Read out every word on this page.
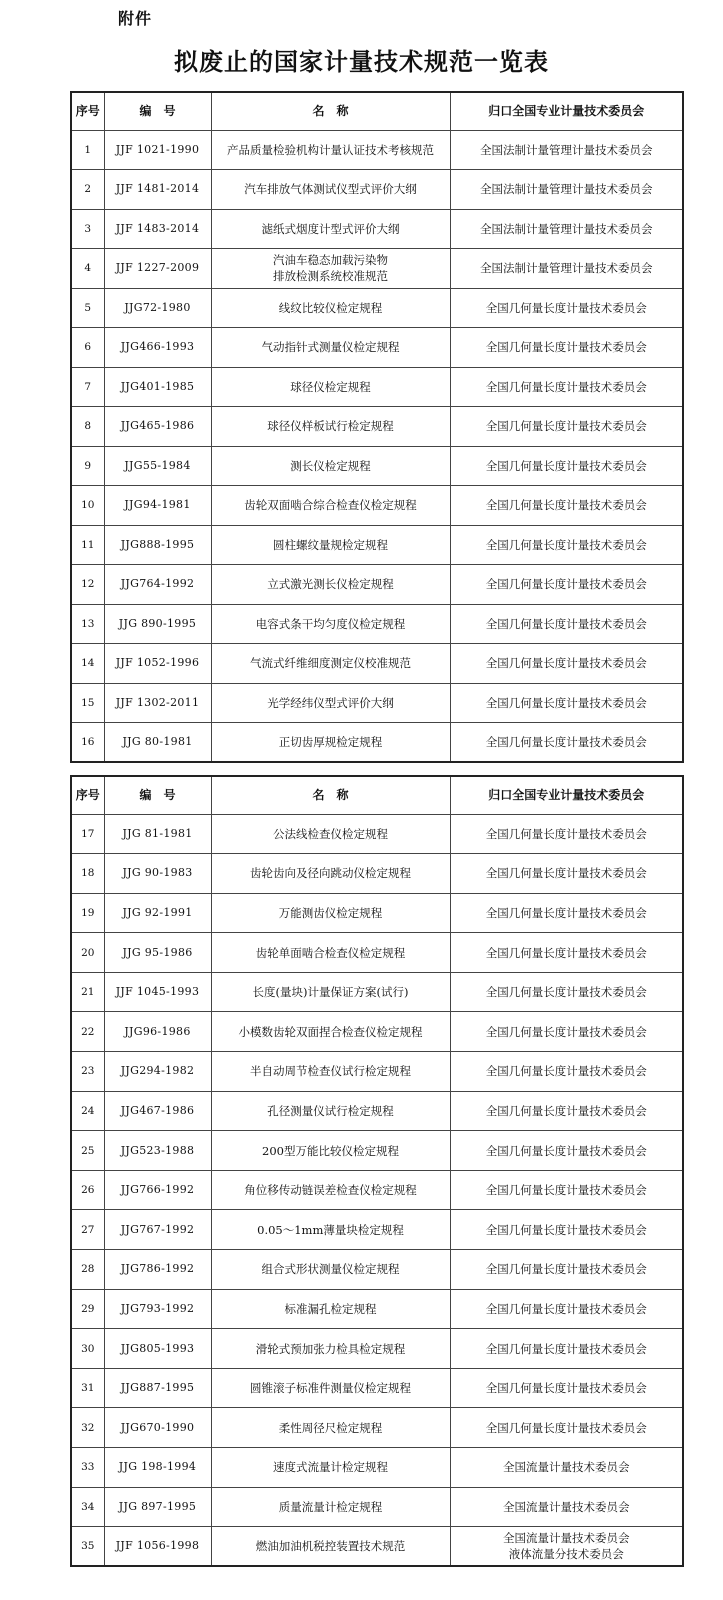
附件
拟废止的国家计量技术规范一览表
序号	编　号	名　称	归口全国专业计量技术委员会
1	JJF 1021-1990	产品质量检验机构计量认证技术考核规范	全国法制计量管理计量技术委员会

2	JJF 1481-2014	汽车排放气体测试仪型式评价大纲	全国法制计量管理计量技术委员会

3	JJF 1483-2014	滤纸式烟度计型式评价大纲	全国法制计量管理计量技术委员会

4	JJF 1227-2009	汽油车稳态加载污染物
排放检测系统校准规范	全国法制计量管理计量技术委员会

5	JJG72-1980	线纹比较仪检定规程	全国几何量长度计量技术委员会

6	JJG466-1993	气动指针式测量仪检定规程	全国几何量长度计量技术委员会

7	JJG401-1985	球径仪检定规程	全国几何量长度计量技术委员会

8	JJG465-1986	球径仪样板试行检定规程	全国几何量长度计量技术委员会

9	JJG55-1984	测长仪检定规程	全国几何量长度计量技术委员会

10	JJG94-1981	齿轮双面啮合综合检查仪检定规程	全国几何量长度计量技术委员会

11	JJG888-1995	圆柱螺纹量规检定规程	全国几何量长度计量技术委员会

12	JJG764-1992	立式激光测长仪检定规程	全国几何量长度计量技术委员会

13	JJG 890-1995	电容式条干均匀度仪检定规程	全国几何量长度计量技术委员会

14	JJF 1052-1996	气流式纤维细度测定仪校准规范	全国几何量长度计量技术委员会

15	JJF 1302-2011	光学经纬仪型式评价大纲	全国几何量长度计量技术委员会

16	JJG 80-1981	正切齿厚规检定规程	全国几何量长度计量技术委员会
序号	编　号	名　称	归口全国专业计量技术委员会
17	JJG 81-1981	公法线检查仪检定规程	全国几何量长度计量技术委员会

18	JJG 90-1983	齿轮齿向及径向跳动仪检定规程	全国几何量长度计量技术委员会

19	JJG 92-1991	万能测齿仪检定规程	全国几何量长度计量技术委员会

20	JJG 95-1986	齿轮单面啮合检查仪检定规程	全国几何量长度计量技术委员会

21	JJF 1045-1993	长度(量块)计量保证方案(试行)	全国几何量长度计量技术委员会

22	JJG96-1986	小模数齿轮双面捏合检查仪检定规程	全国几何量长度计量技术委员会

23	JJG294-1982	半自动周节检查仪试行检定规程	全国几何量长度计量技术委员会

24	JJG467-1986	孔径测量仪试行检定规程	全国几何量长度计量技术委员会

25	JJG523-1988	200型万能比较仪检定规程	全国几何量长度计量技术委员会

26	JJG766-1992	角位移传动链误差检查仪检定规程	全国几何量长度计量技术委员会

27	JJG767-1992	0.05～1mm薄量块检定规程	全国几何量长度计量技术委员会

28	JJG786-1992	组合式形状测量仪检定规程	全国几何量长度计量技术委员会

29	JJG793-1992	标准漏孔检定规程	全国几何量长度计量技术委员会

30	JJG805-1993	滑轮式预加张力检具检定规程	全国几何量长度计量技术委员会

31	JJG887-1995	圆锥滚子标准件测量仪检定规程	全国几何量长度计量技术委员会

32	JJG670-1990	柔性周径尺检定规程	全国几何量长度计量技术委员会

33	JJG 198-1994	速度式流量计检定规程	全国流量计量技术委员会

34	JJG 897-1995	质量流量计检定规程	全国流量计量技术委员会

35	JJF 1056-1998	燃油加油机税控装置技术规范	全国流量计量技术委员会
液体流量分技术委员会
